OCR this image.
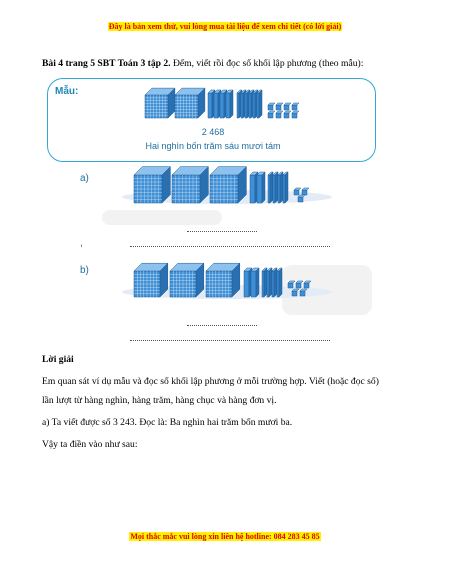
Đây là bản xem thử, vui lòng mua tài liệu để xem chi tiết (có lời giải)
Bài 4 trang 5 SBT Toán 3 tập 2. Đếm, viết rồi đọc số khối lập phương (theo mẫu):
Mẫu:
2 468
Hai nghìn bốn trăm sáu mươi tám
a)
,
b)
Lời giải
Em quan sát ví dụ mẫu và đọc số khối lập phương ở mỗi trường hợp. Viết (hoặc đọc số)
lần lượt từ hàng nghìn, hàng trăm, hàng chục và hàng đơn vị.
a) Ta viết được số 3 243. Đọc là: Ba nghìn hai trăm bốn mươi ba.
Vậy ta điền vào như sau:
Mọi thắc mắc vui lòng xin liên hệ hotline: 084 283 45 85
